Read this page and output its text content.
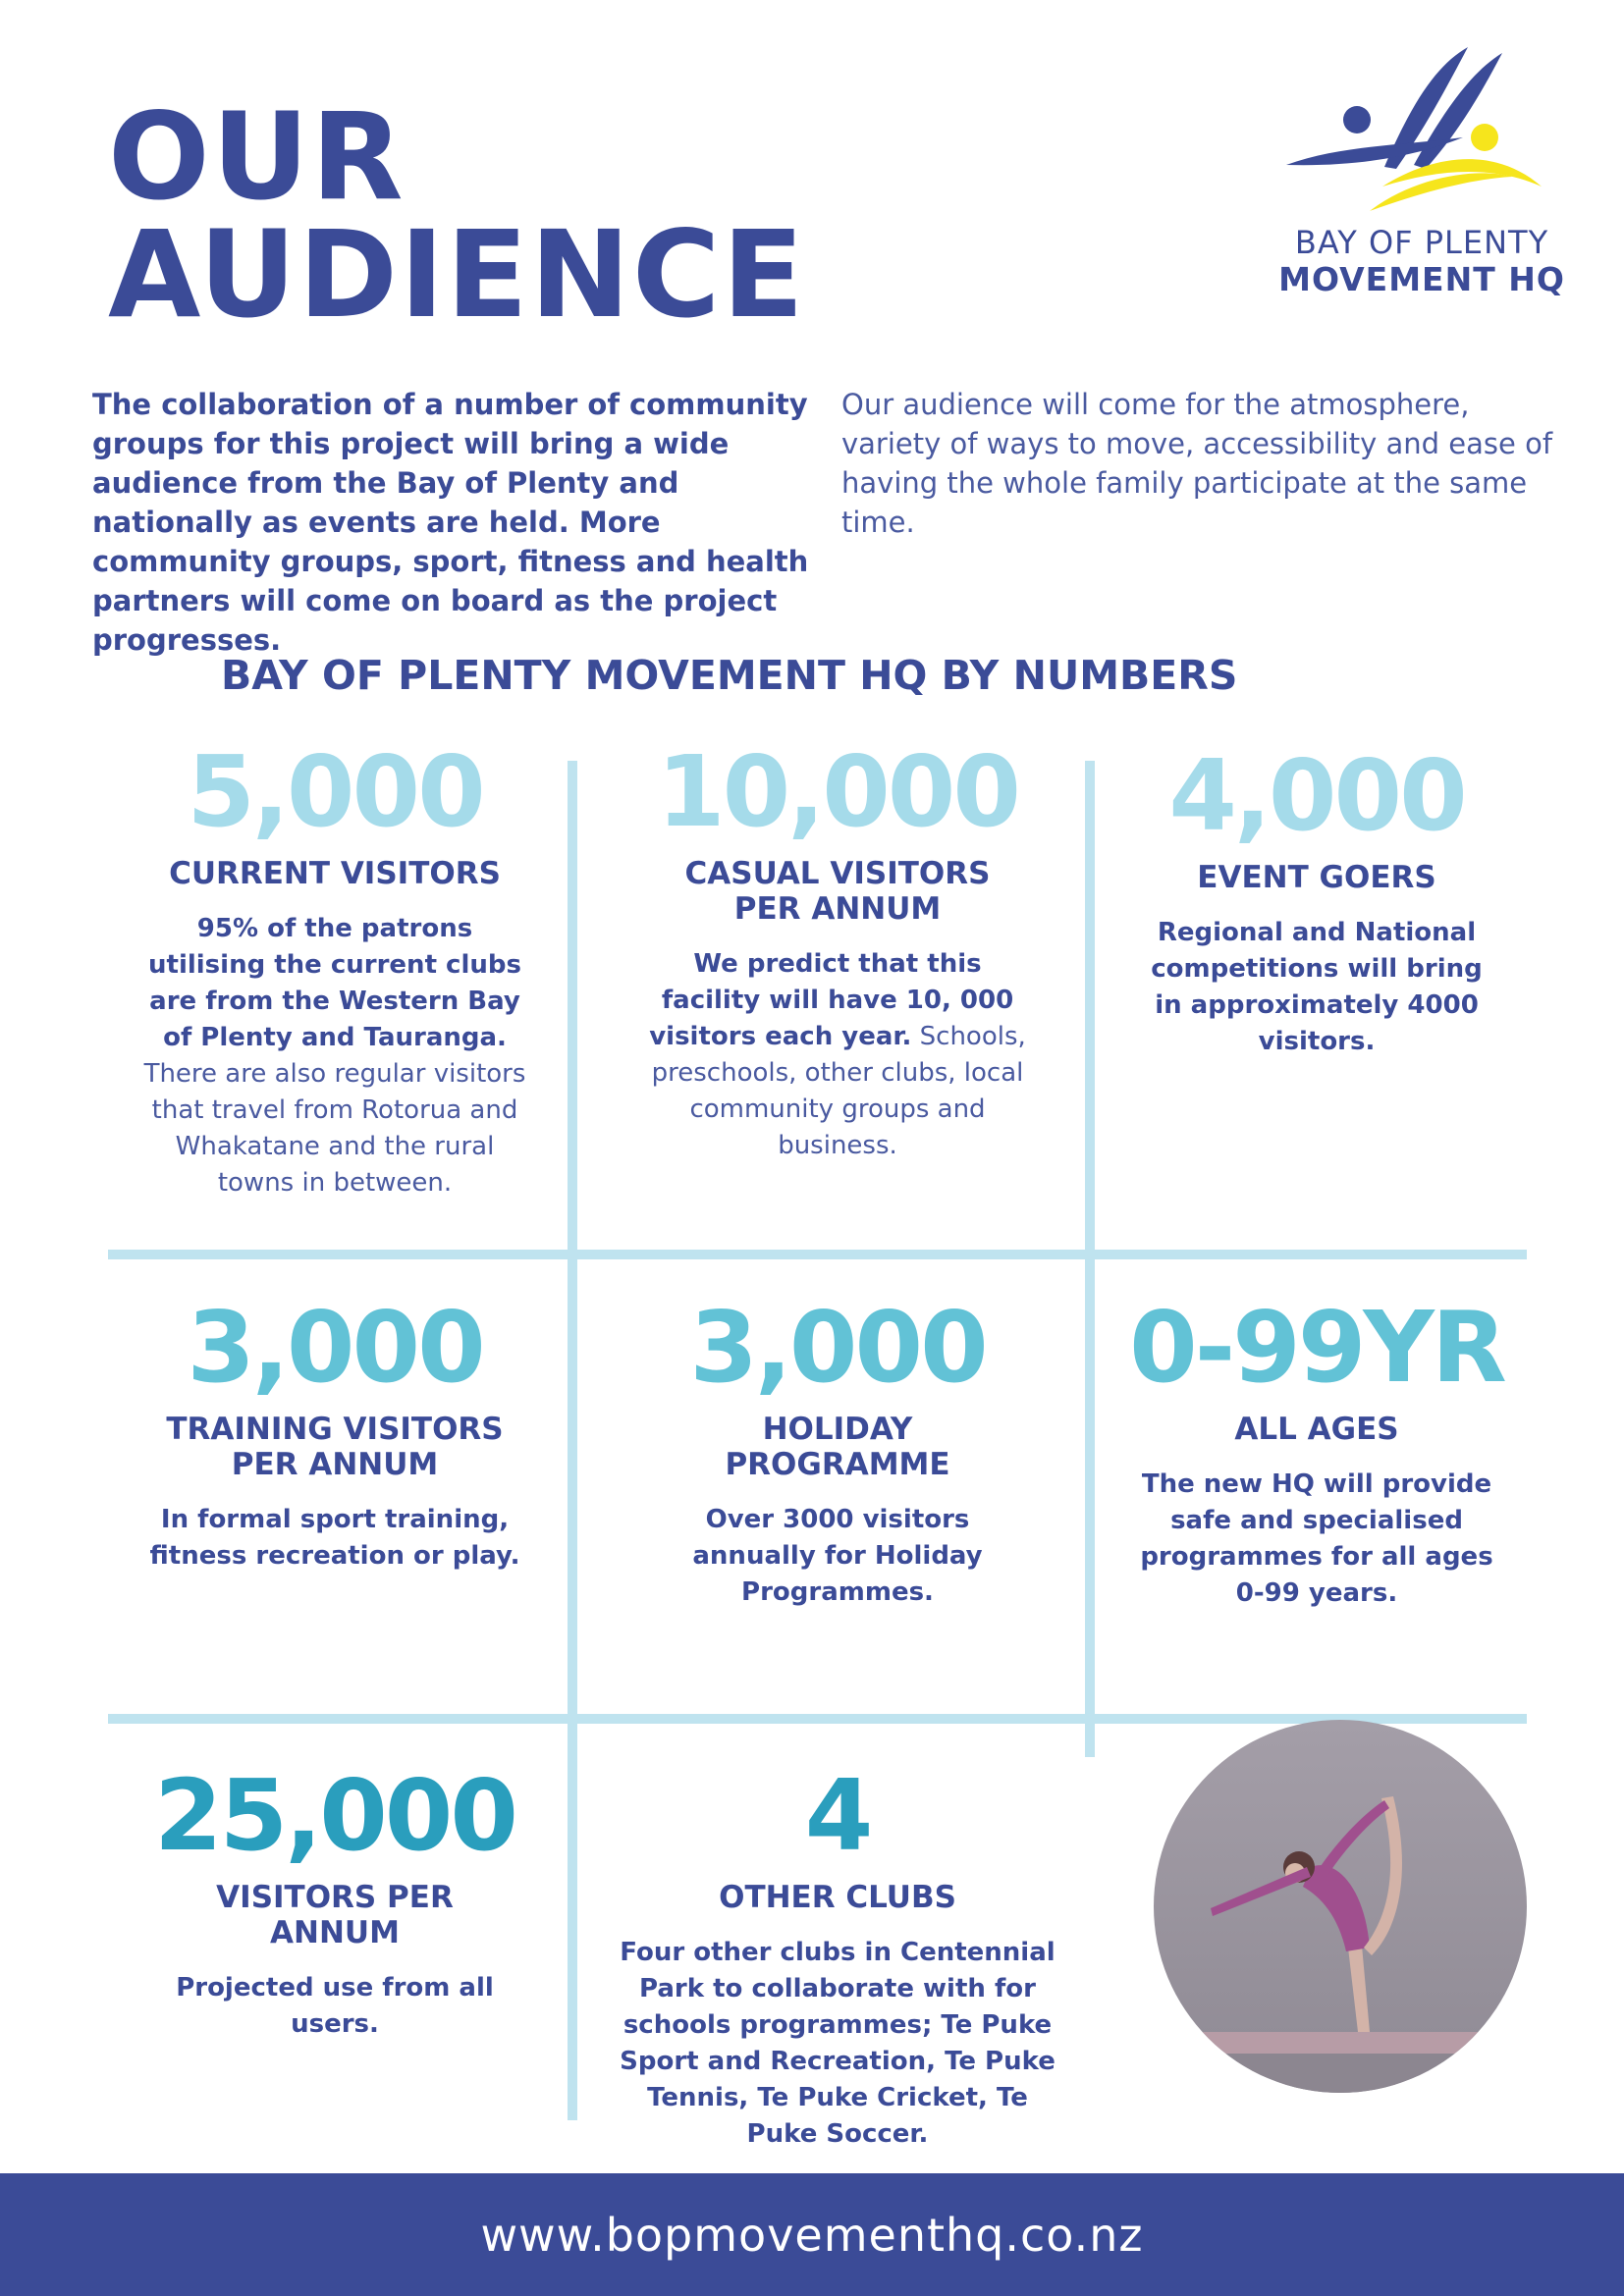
OUR
AUDIENCE	BAY OF PLENTY
MOVEMENT HQ

The collaboration of a number of community groups for this project will bring a wide audience from the Bay of Plenty and nationally as events are held. More community groups, sport, fitness and health partners will come on board as the project progresses.

Our audience will come for the atmosphere, variety of ways to move, accessibility and ease of having the whole family participate at the same time.

BAY OF PLENTY MOVEMENT HQ BY NUMBERS
5,000
CURRENT VISITORS
95% of the patrons utilising the current clubs are from the Western Bay of Plenty and Tauranga. There are also regular visitors that travel from Rotorua and Whakatane and the rural towns in between.
10,000
CASUAL VISITORS PER ANNUM
We predict that this facility will have 10, 000 visitors each year. Schools, preschools, other clubs, local community groups and business.
4,000
EVENT GOERS
Regional and National competitions will bring in approximately 4000 visitors.
3,000
TRAINING VISITORS PER ANNUM
In formal sport training, fitness recreation or play.
3,000
HOLIDAY PROGRAMME
Over 3000 visitors annually for Holiday Programmes.
0-99YR
ALL AGES
The new HQ will provide safe and specialised programmes for all ages 0-99 years.
25,000
VISITORS PER ANNUM
Projected use from all users.
4
OTHER CLUBS
Four other clubs in Centennial Park to collaborate with for schools programmes; Te Puke Sport and Recreation, Te Puke Tennis, Te Puke Cricket, Te Puke Soccer.
www.bopmovementhq.co.nz
